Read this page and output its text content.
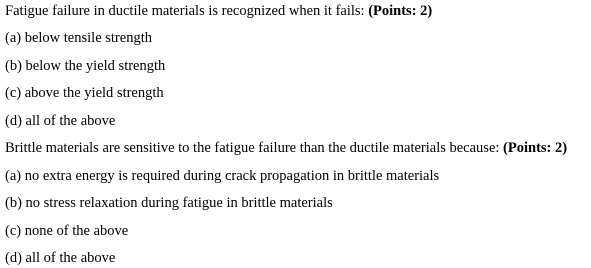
Fatigue failure in ductile materials is recognized when it fails: (Points: 2)
(a) below tensile strength
(b) below the yield strength
(c) above the yield strength
(d) all of the above
Brittle materials are sensitive to the fatigue failure than the ductile materials because: (Points: 2)
(a) no extra energy is required during crack propagation in brittle materials
(b) no stress relaxation during fatigue in brittle materials
(c) none of the above
(d) all of the above
